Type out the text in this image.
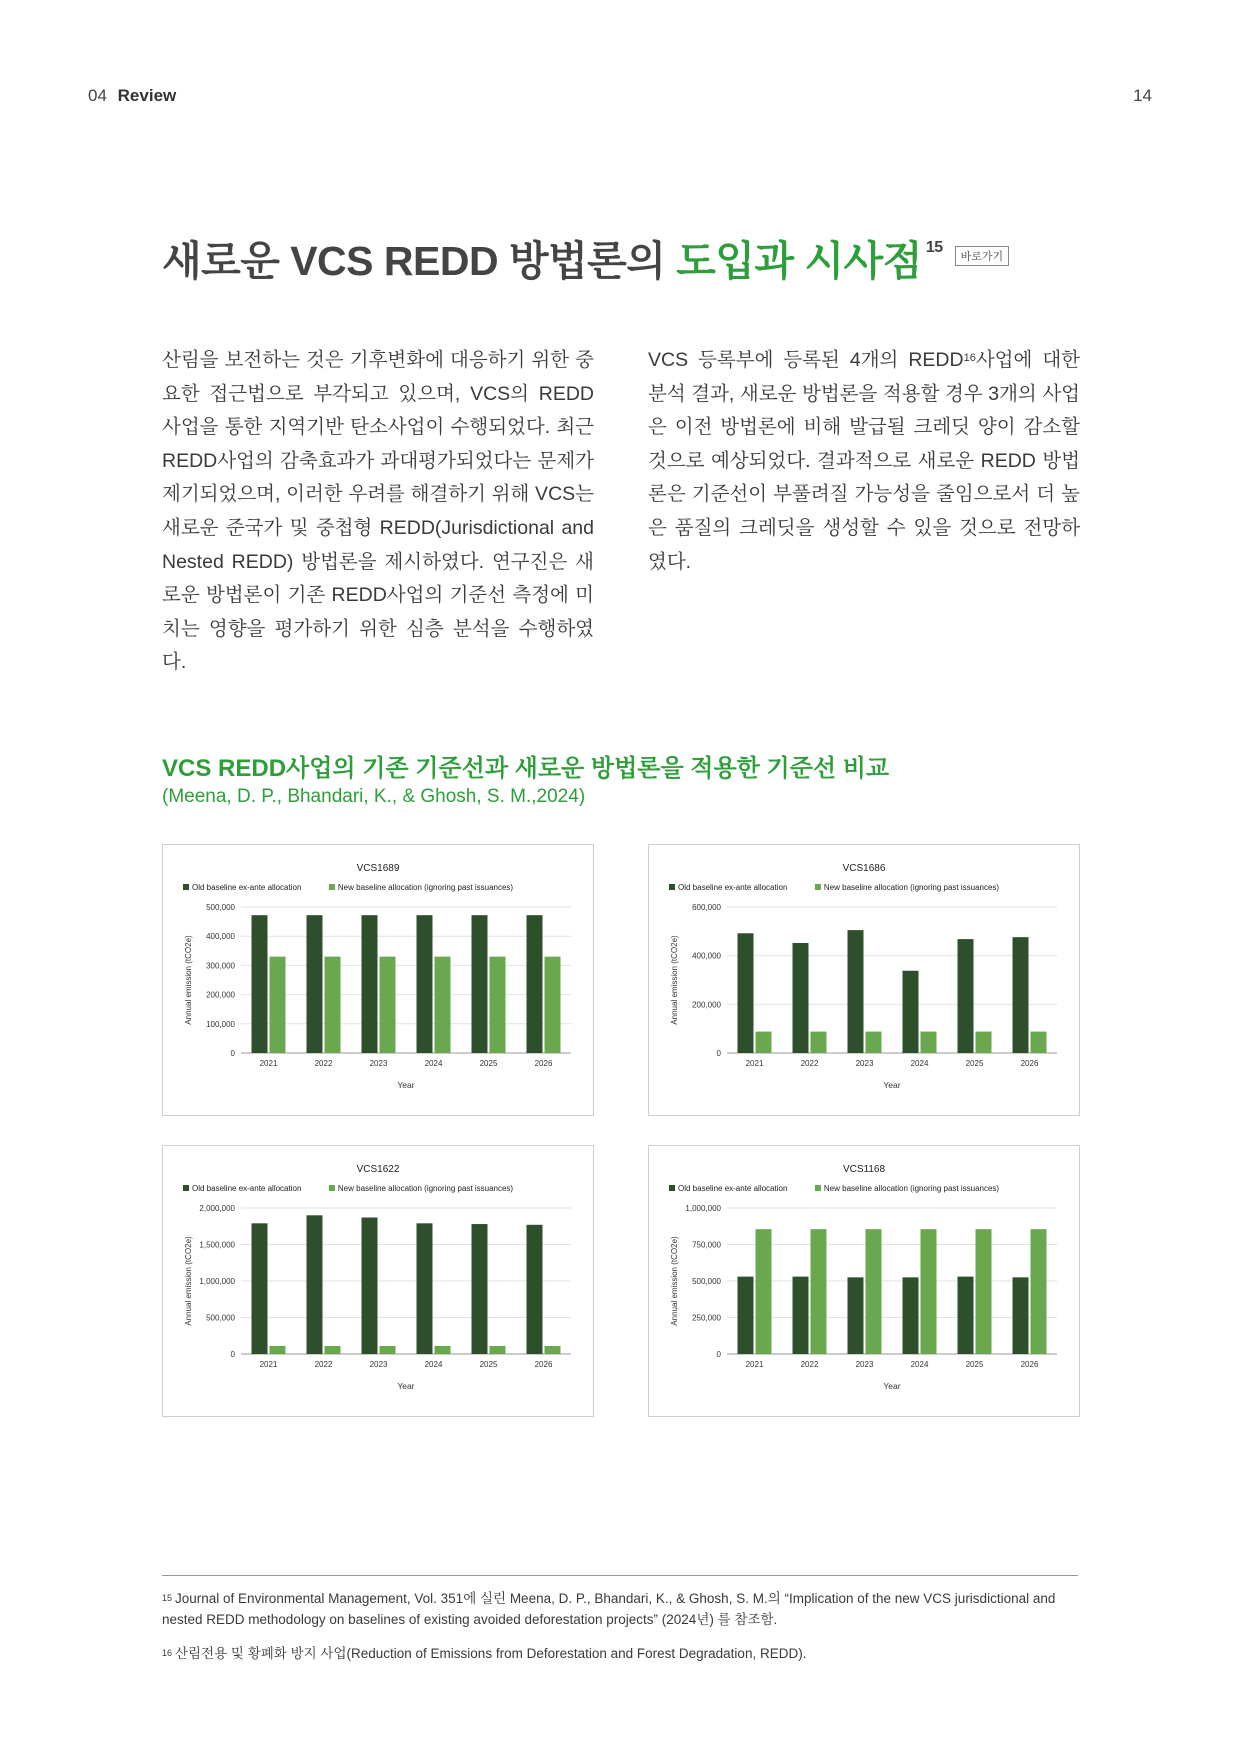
04 Review	14
새로운 VCS REDD 방법론의 도입과 시사점 $^{15}$바로가기
산림을 보전하는 것은 기후변화에 대응하기 위한 중요한 접근법으로 부각되고 있으며, VCS의 REDD 사업을 통한 지역기반 탄소사업이 수행되었다. 최근 REDD사업의 감축효과가 과대평가되었다는 문제가 제기되었으며, 이러한 우려를 해결하기 위해 VCS는 새로운 준국가 및 중첩형 REDD(Jurisdictional and Nested REDD) 방법론을 제시하였다. 연구진은 새로운 방법론이 기존 REDD사업의 기준선 측정에 미치는 영향을 평가하기 위한 심층 분석을 수행하였다.
VCS 등록부에 등록된 4개의 REDD$^{16}$사업에 대한 분석 결과, 새로운 방법론을 적용할 경우 3개의 사업은 이전 방법론에 비해 발급될 크레딧 양이 감소할 것으로 예상되었다. 결과적으로 새로운 REDD 방법론은 기준선이 부풀려질 가능성을 줄임으로서 더 높은 품질의 크레딧을 생성할 수 있을 것으로 전망하였다.
VCS REDD사업의 기존 기준선과 새로운 방법론을 적용한 기준선 비교
(Meena, D. P., Bhandari, K., & Ghosh, S. M.,2024)
VCS1689
Old baseline ex-ante allocation	New baseline allocation (ignoring past issuances)
0
100,000
200,000
300,000
400,000
500,000
Annual emission (tCO2e)
2021	2022	2023	2024	2025	2026
Year
VCS1686
Old baseline ex-ante allocation	New baseline allocation (ignoring past issuances)
0
200,000
400,000
600,000
Annual emission (tCO2e)
2021	2022	2023	2024	2025	2026
Year
VCS1622
Old baseline ex-ante allocation	New baseline allocation (ignoring past issuances)
0
500,000
1,000,000
1,500,000
2,000,000
Annual emission (tCO2e)
2021	2022	2023	2024	2025	2026
Year
VCS1168
Old baseline ex-ante allocation	New baseline allocation (ignoring past issuances)
0
250,000
500,000
750,000
1,000,000
Annual emission (tCO2e)
2021	2022	2023	2024	2025	2026
Year
$^{15}$ Journal of Environmental Management, Vol. 351에 실린 Meena, D. P., Bhandari, K., & Ghosh, S. M.의 “Implication of the new VCS jurisdictional and nested REDD methodology on baselines of existing avoided deforestation projects” (2024년) 를 참조함.
$^{16}$ 산림전용 및 황폐화 방지 사업(Reduction of Emissions from Deforestation and Forest Degradation, REDD).
